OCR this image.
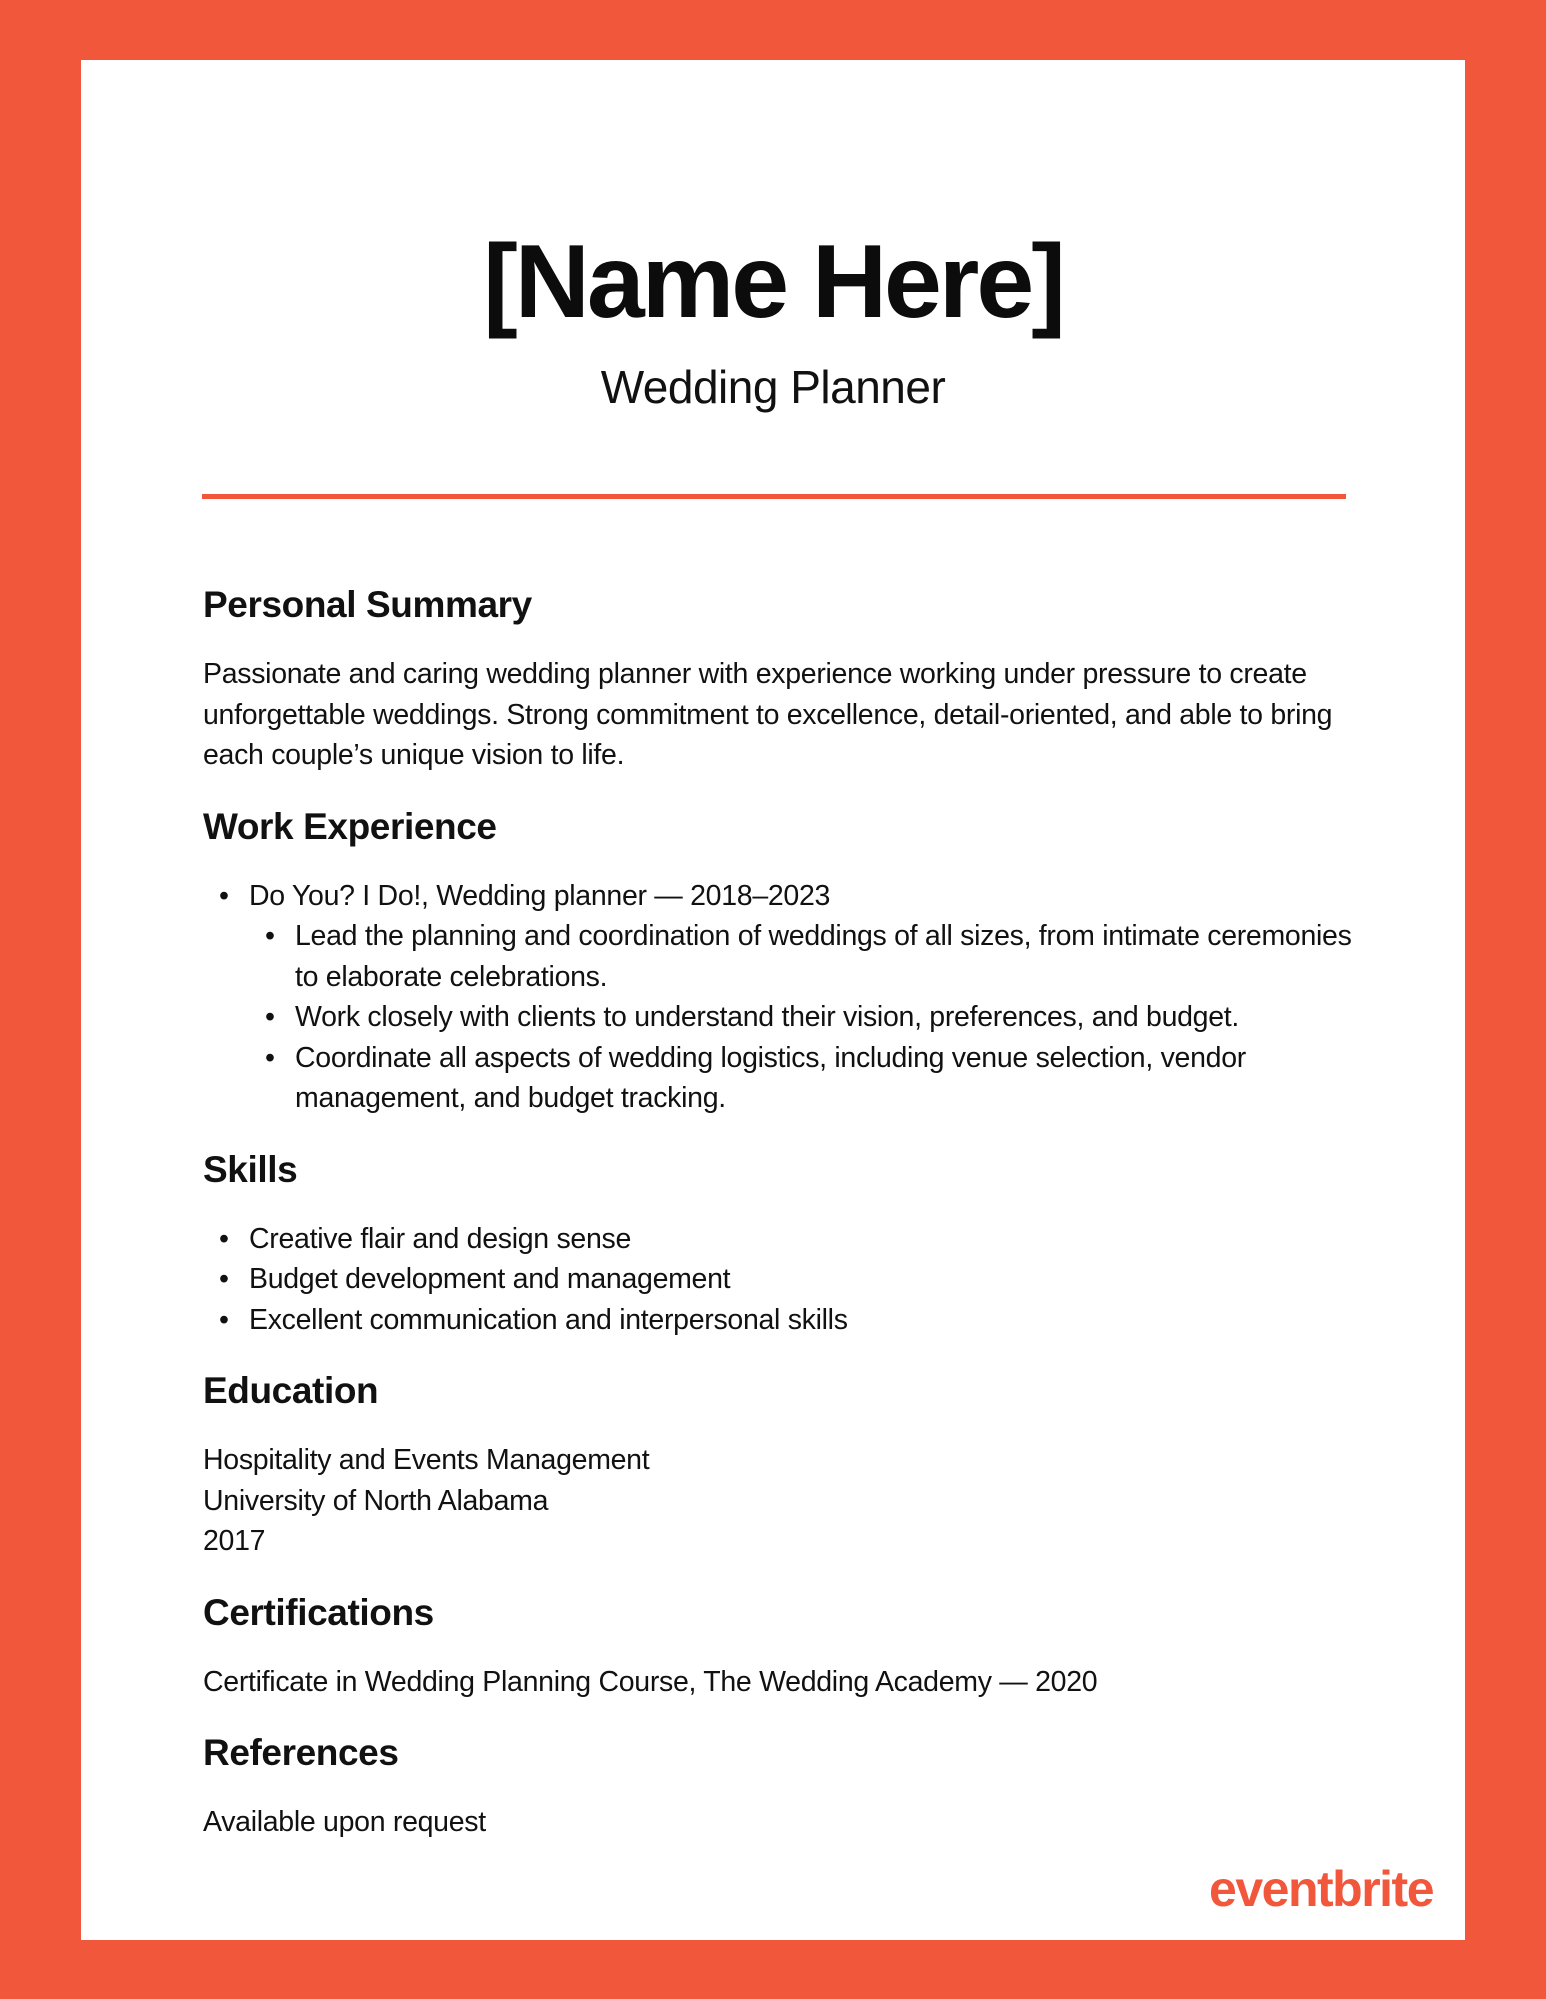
[Name Here]
Wedding Planner
Personal Summary

Passionate and caring wedding planner with experience working under pressure to create unforgettable weddings. Strong commitment to excellence, detail-oriented, and able to bring each couple’s unique vision to life.

Work Experience
• Do You? I Do!, Wedding planner — 2018–2023
• Lead the planning and coordination of weddings of all sizes, from intimate ceremonies to elaborate celebrations.
• Work closely with clients to understand their vision, preferences, and budget.
• Coordinate all aspects of wedding logistics, including venue selection, vendor management, and budget tracking.
Skills
• Creative flair and design sense
• Budget development and management
• Excellent communication and interpersonal skills
Education
Hospitality and Events Management
University of North Alabama
2017
Certifications

Certificate in Wedding Planning Course, The Wedding Academy — 2020

References

Available upon request

eventbrite
